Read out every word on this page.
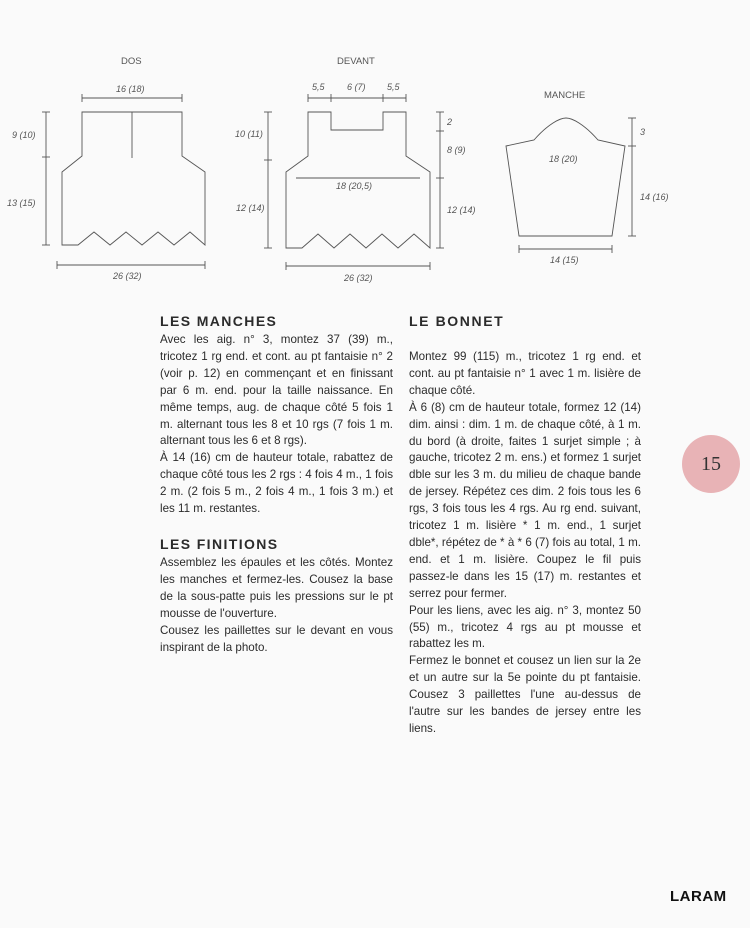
DOS
16 (18)
9 (10)
13 (15)
26 (32)
DEVANT
5,5 6 (7) 5,5
10 (11)
12 (14)
2
8 (9)
12 (14)
18 (20,5)
26 (32)
MANCHE
3
18 (20)
14 (16)
14 (15)
LES MANCHES

Avec les aig. n° 3, montez 37 (39) m., tricotez 1 rg end. et cont. au pt fantaisie n° 2 (voir p. 12) en commençant et en finissant par 6 m. end. pour la taille naissance. En même temps, aug. de chaque côté 5 fois 1 m. alternant tous les 8 et 10 rgs (7 fois 1 m. alternant tous les 6 et 8 rgs).

À 14 (16) cm de hauteur totale, rabattez de chaque côté tous les 2 rgs : 4 fois 4 m., 1 fois 2 m. (2 fois 5 m., 2 fois 4 m., 1 fois 3 m.) et les 11 m. restantes.

LES FINITIONS

Assemblez les épaules et les côtés. Montez les manches et fermez-les. Cousez la base de la sous-patte puis les pressions sur le pt mousse de l'ouverture.

Cousez les paillettes sur le devant en vous inspirant de la photo.

LE BONNET

Montez 99 (115) m., tricotez 1 rg end. et cont. au pt fantaisie n° 1 avec 1 m. lisière de chaque côté.

À 6 (8) cm de hauteur totale, formez 12 (14) dim. ainsi : dim. 1 m. de chaque côté, à 1 m. du bord (à droite, faites 1 surjet simple ; à gauche, tricotez 2 m. ens.) et formez 1 surjet dble sur les 3 m. du milieu de chaque bande de jersey. Répétez ces dim. 2 fois tous les 6 rgs, 3 fois tous les 4 rgs. Au rg end. suivant, tricotez 1 m. lisière * 1 m. end., 1 surjet dble*, répétez de * à * 6 (7) fois au total, 1 m. end. et 1 m. lisière. Coupez le fil puis passez-le dans les 15 (17) m. restantes et serrez pour fermer.

Pour les liens, avec les aig. n° 3, montez 50 (55) m., tricotez 4 rgs au pt mousse et rabattez les m.

Fermez le bonnet et cousez un lien sur la 2e et un autre sur la 5e pointe du pt fantaisie. Cousez 3 paillettes l'une au-dessus de l'autre sur les bandes de jersey entre les liens.

15
LARAM
